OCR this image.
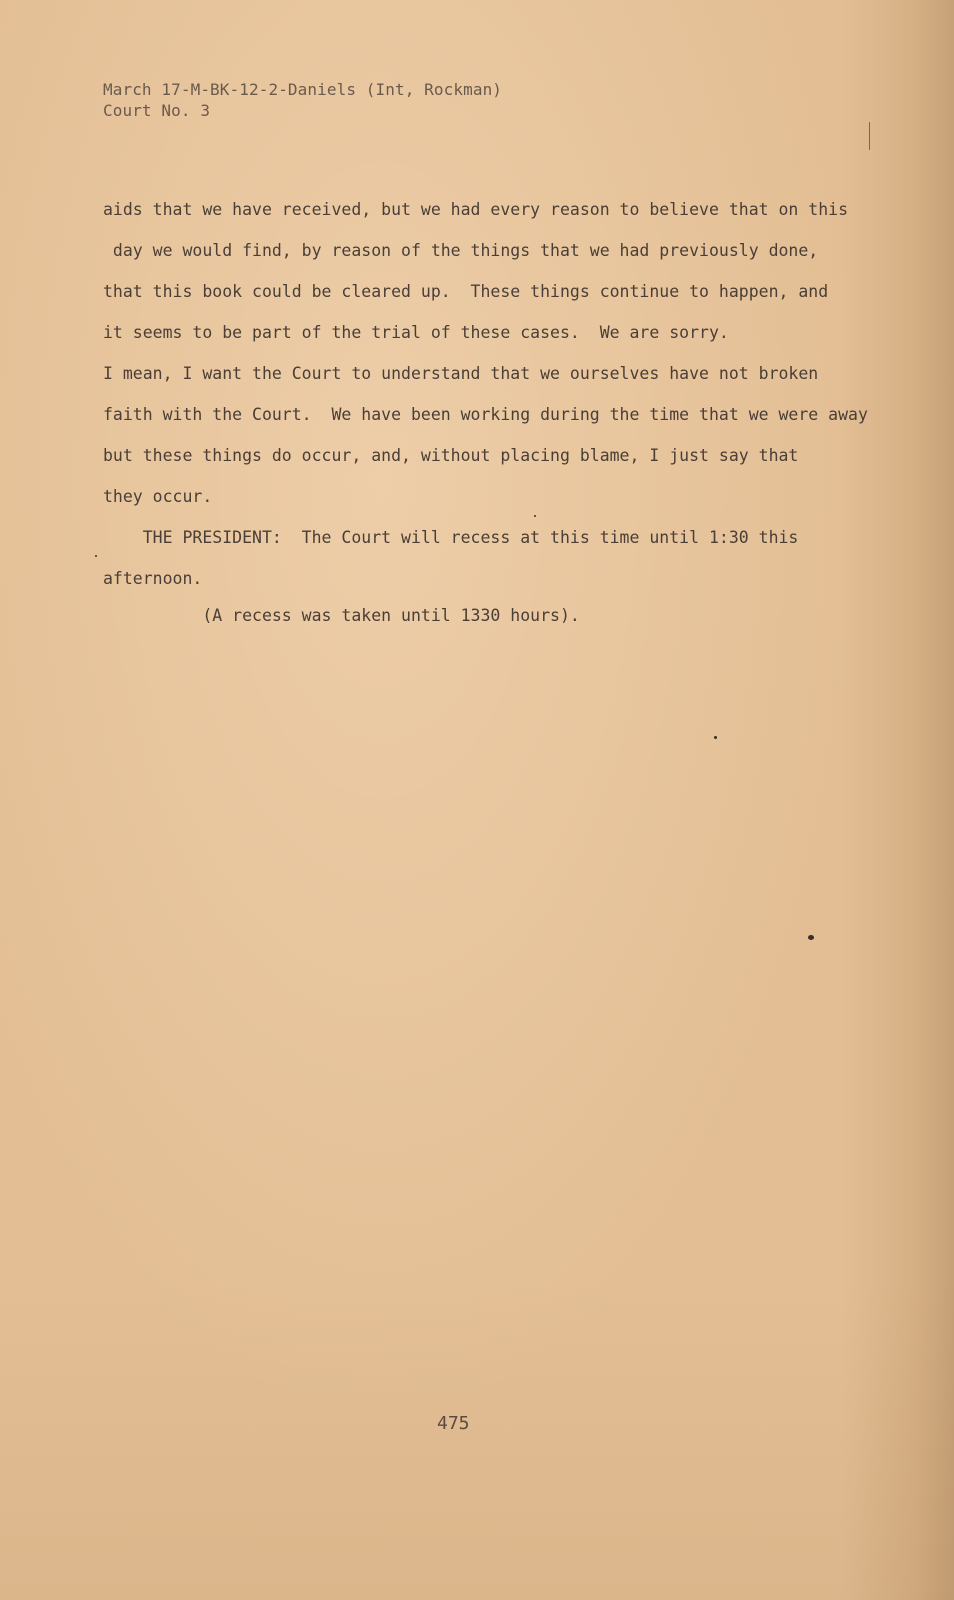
March 17-M-BK-12-2-Daniels (Int, Rockman)
Court No. 3
aids that we have received, but we had every reason to believe that on this
day we would find, by reason of the things that we had previously done,
that this book could be cleared up.  These things continue to happen, and
it seems to be part of the trial of these cases.  We are sorry.
I mean, I want the Court to understand that we ourselves have not broken
faith with the Court.  We have been working during the time that we were away
but these things do occur, and, without placing blame, I just say that
they occur.
THE PRESIDENT:  The Court will recess at this time until 1:30 this
afternoon.
(A recess was taken until 1330 hours).
475
